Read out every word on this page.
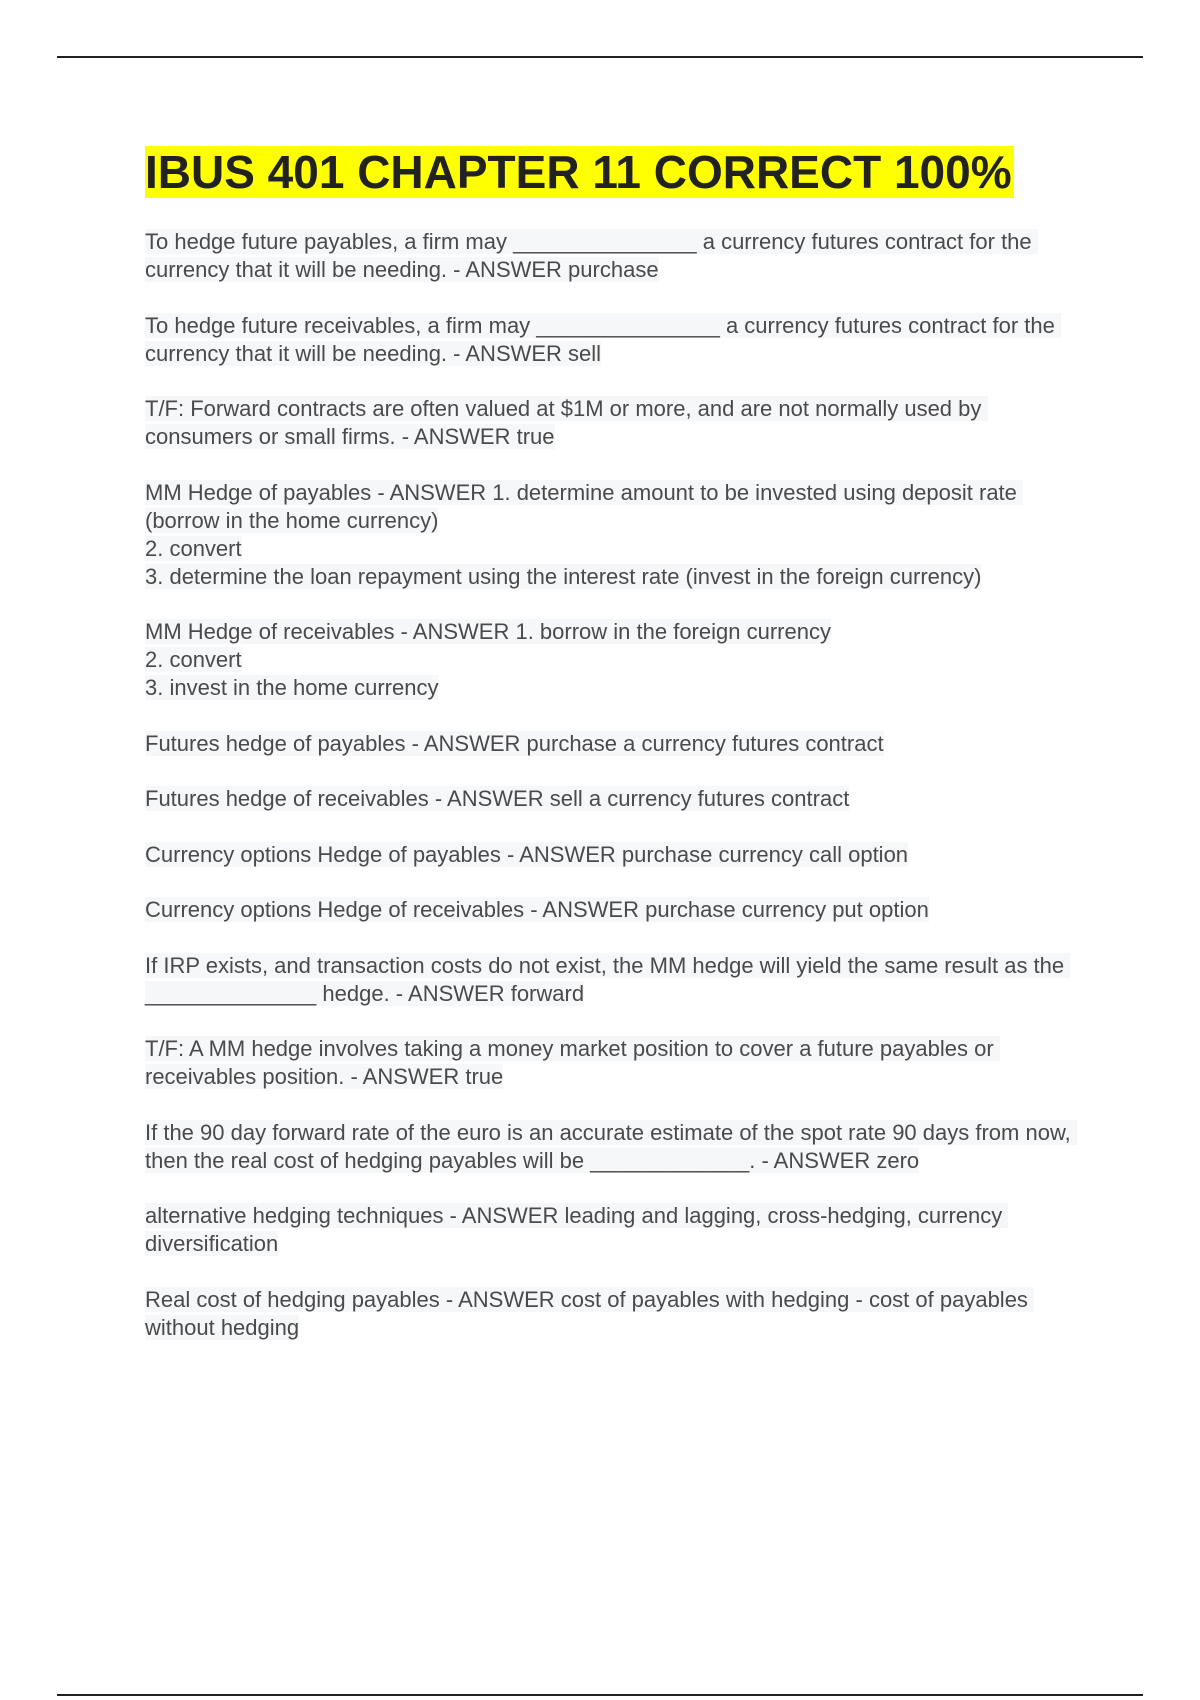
IBUS 401 CHAPTER 11 CORRECT 100%
To hedge future payables, a firm may _______________ a currency futures contract for the currency that it will be needing. - ANSWER purchase
To hedge future receivables, a firm may _______________ a currency futures contract for the currency that it will be needing. - ANSWER sell
T/F: Forward contracts are often valued at $1M or more, and are not normally used by consumers or small firms. - ANSWER true
MM Hedge of payables - ANSWER 1. determine amount to be invested using deposit rate (borrow in the home currency)
2. convert
3. determine the loan repayment using the interest rate (invest in the foreign currency)
MM Hedge of receivables - ANSWER 1. borrow in the foreign currency
2. convert
3. invest in the home currency
Futures hedge of payables - ANSWER purchase a currency futures contract
Futures hedge of receivables - ANSWER sell a currency futures contract
Currency options Hedge of payables - ANSWER purchase currency call option
Currency options Hedge of receivables - ANSWER purchase currency put option
If IRP exists, and transaction costs do not exist, the MM hedge will yield the same result as the ______________ hedge. - ANSWER forward
T/F: A MM hedge involves taking a money market position to cover a future payables or receivables position. - ANSWER true
If the 90 day forward rate of the euro is an accurate estimate of the spot rate 90 days from now, then the real cost of hedging payables will be _____________. - ANSWER zero
alternative hedging techniques - ANSWER leading and lagging, cross-hedging, currency diversification
Real cost of hedging payables - ANSWER cost of payables with hedging - cost of payables without hedging
